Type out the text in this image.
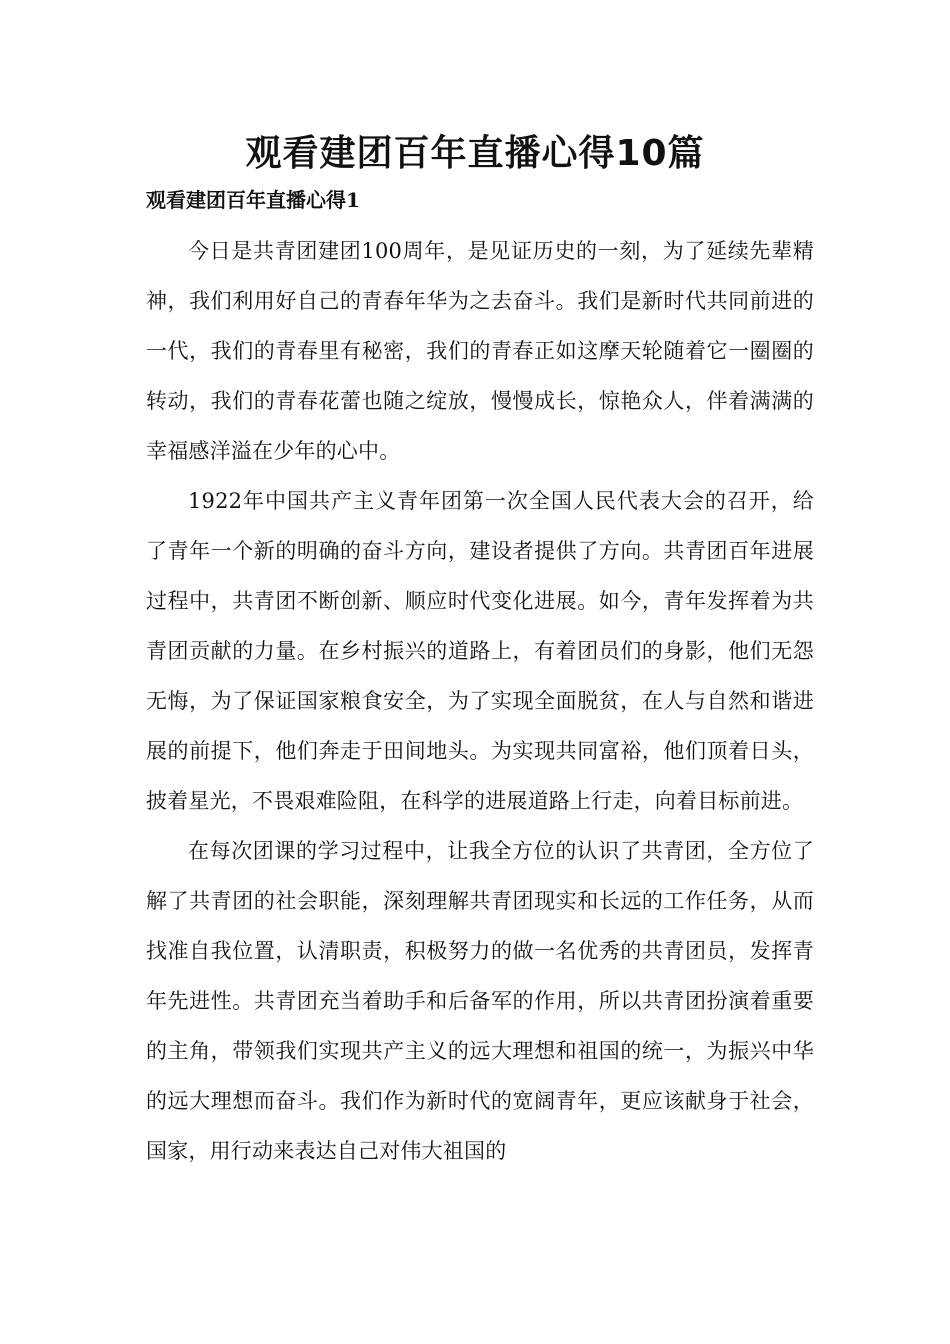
观看建团百年直播心得10篇
观看建团百年直播心得1

今日是共青团建团100周年，是见证历史的一刻，为了延续先辈精神，我们利用好自己的青春年华为之去奋斗。我们是新时代共同前进的一代，我们的青春里有秘密，我们的青春正如这摩天轮随着它一圈圈的转动，我们的青春花蕾也随之绽放，慢慢成长，惊艳众人，伴着满满的幸福感洋溢在少年的心中。

1922年中国共产主义青年团第一次全国人民代表大会的召开，给了青年一个新的明确的奋斗方向，建设者提供了方向。共青团百年进展过程中，共青团不断创新、顺应时代变化进展。如今，青年发挥着为共青团贡献的力量。在乡村振兴的道路上，有着团员们的身影，他们无怨无悔，为了保证国家粮食安全，为了实现全面脱贫，在人与自然和谐进展的前提下，他们奔走于田间地头。为实现共同富裕，他们顶着日头，披着星光，不畏艰难险阻，在科学的进展道路上行走，向着目标前进。

在每次团课的学习过程中，让我全方位的认识了共青团，全方位了解了共青团的社会职能，深刻理解共青团现实和长远的工作任务，从而找准自我位置，认清职责，积极努力的做一名优秀的共青团员，发挥青年先进性。共青团充当着助手和后备军的作用，所以共青团扮演着重要的主角，带领我们实现共产主义的远大理想和祖国的统一，为振兴中华的远大理想而奋斗。我们作为新时代的宽阔青年，更应该献身于社会，国家，用行动来表达自己对伟大祖国的
